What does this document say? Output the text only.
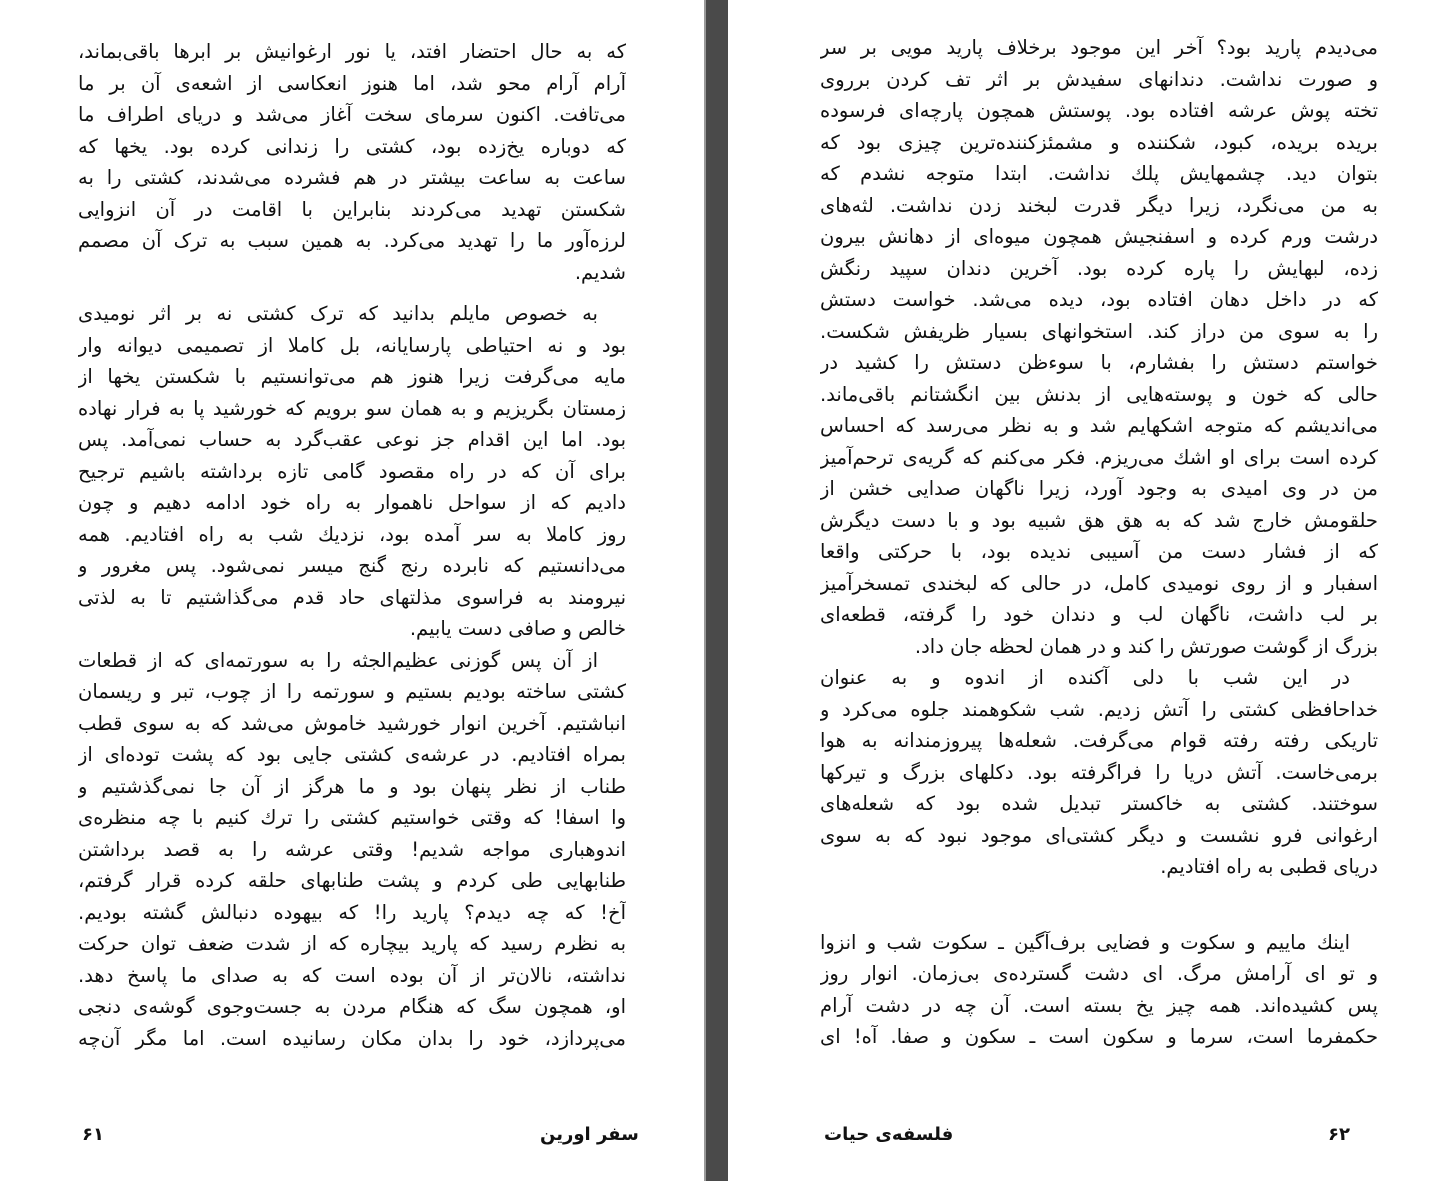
که به حال احتضار افتد، یا نور ارغوانیش بر ابرها باقی‌بماند،
آرام آرام محو شد، اما هنوز انعکاسی از اشعه‌ی آن بر ما
می‌تافت. اکنون سرمای سخت آغاز می‌شد و دریای اطراف ما
که دوباره یخ‌زده بود، کشتی را زندانی کرده بود. یخها که
ساعت به ساعت بیشتر در هم فشرده می‌شدند، کشتی را به
شکستن تهدید می‌کردند بنابراین با اقامت در آن انزوایی
لرزه‌آور ما را تهدید می‌کرد. به همین سبب به ترک آن مصمم
شدیم.

به خصوص مایلم بدانید که ترک کشتی نه بر اثر نومیدی
بود و نه احتیاطی پارسایانه، بل کاملا از تصمیمی دیوانه وار
مایه می‌گرفت زیرا هنوز هم می‌توانستیم با شکستن یخها از
زمستان بگریزیم و به همان سو برویم که خورشید پا به فرار نهاده
بود. اما این اقدام جز نوعی عقب‌گرد به حساب نمی‌آمد. پس
برای آن که در راه مقصود گامی تازه برداشته باشیم ترجیح
دادیم که از سواحل ناهموار به راه خود ادامه دهیم و چون
روز کاملا به سر آمده بود، نزدیك شب به راه افتادیم. همه
می‌دانستیم که نابرده رنج گنج میسر نمی‌شود. پس مغرور و
نیرومند به فراسوی مذلتهای حاد قدم می‌گذاشتیم تا به لذتی
خالص و صافی دست یابیم.

از آن پس گوزنی عظیم‌الجثه را به سورتمه‌ای که از قطعات
کشتی ساخته بودیم بستیم و سورتمه را از چوب، تبر و ریسمان
انباشتیم. آخرین انوار خورشید خاموش می‌شد که به سوی قطب
بمراه افتادیم. در عرشه‌ی کشتی جایی بود که پشت توده‌ای از
طناب از نظر پنهان بود و ما هرگز از آن جا نمی‌گذشتیم و
وا اسفا! که وقتی خواستیم کشتی را ترك کنیم با چه منظره‌ی
اندوهباری مواجه شدیم! وقتی عرشه را به قصد برداشتن
طنابهایی طی کردم و پشت طنابهای حلقه کرده قرار گرفتم،
آخ! که چه دیدم؟ پارید را! که بیهوده دنبالش گشته بودیم.
به نظرم رسید که پارید بیچاره که از شدت ضعف توان حرکت
نداشته، نالان‌تر از آن بوده است که به صدای ما پاسخ دهد.
او، همچون سگ که هنگام مردن به جست‌وجوی گوشه‌ی دنجی
می‌پردازد، خود را بدان مکان رسانیده است. اما مگر آن‌چه

۶۱	سفر اورین

می‌دیدم پارید بود؟ آخر این موجود برخلاف پارید مویی بر سر
و صورت نداشت. دندانهای سفیدش بر اثر تف کردن برروی
تخته پوش عرشه افتاده بود. پوستش همچون پارچه‌ای فرسوده
بریده بریده، کبود، شکننده و مشمئزکننده‌ترین چیزی بود که
بتوان دید. چشمهایش پلك نداشت. ابتدا متوجه نشدم که
به من می‌نگرد، زیرا دیگر قدرت لبخند زدن نداشت. لثه‌های
درشت ورم کرده و اسفنجیش همچون میوه‌ای از دهانش بیرون
زده، لبهایش را پاره کرده بود. آخرین دندان سپید رنگش
که در داخل دهان افتاده بود، دیده می‌شد. خواست دستش
را به سوی من دراز کند. استخوانهای بسیار ظریفش شکست.
خواستم دستش را بفشارم، با سوءظن دستش را کشید در
حالی که خون و پوسته‌هایی از بدنش بین انگشتانم باقی‌ماند.
می‌اندیشم که متوجه اشکهایم شد و به نظر می‌رسد که احساس
کرده است برای او اشك می‌ریزم. فکر می‌کنم که گریه‌ی ترحم‌آمیز
من در وی امیدی به وجود آورد، زیرا ناگهان صدایی خشن از
حلقومش خارج شد که به هق هق شبیه بود و با دست دیگرش
که از فشار دست من آسیبی ندیده بود، با حرکتی واقعا
اسفبار و از روی نومیدی کامل، در حالی که لبخندی تمسخرآمیز
بر لب داشت، ناگهان لب و دندان خود را گرفته، قطعه‌ای
بزرگ از گوشت صورتش را کند و در همان لحظه جان داد.

در این شب با دلی آکنده از اندوه و به عنوان
خداحافظی کشتی را آتش زدیم. شب شکوهمند جلوه می‌کرد و
تاریکی رفته رفته قوام می‌گرفت. شعله‌ها پیروزمندانه به هوا
برمی‌خاست. آتش دریا را فراگرفته بود. دکلهای بزرگ و تیرکها
سوختند. کشتی به خاکستر تبدیل شده بود که شعله‌های
ارغوانی فرو نشست و دیگر کشتی‌ای موجود نبود که به سوی
دریای قطبی به راه افتادیم.

اینك ماییم و سکوت و فضایی برف‌آگین ـ سکوت شب و انزوا
و تو ای آرامش مرگ. ای دشت گسترده‌ی بی‌زمان. انوار روز
پس کشیده‌اند. همه چیز یخ بسته است. آن چه در دشت آرام
حکمفرما است، سرما و سکون است ـ سکون و صفا. آه! ای

فلسفه‌ی حیات	۶۲
